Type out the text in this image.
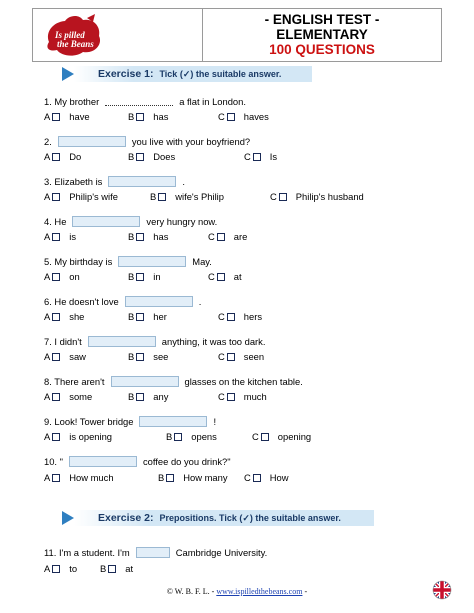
Is pilled
the Beans
- ENGLISH TEST -
ELEMENTARY
100 QUESTIONS
Exercise 1: Tick (✓) the suitable answer.
1. My brother	a flat in London.
A have	B has	C haves
2.	you live with your boyfriend?
A Do	B Does	C Is
3. Elizabeth is	.
A Philip's wife	B wife's Philip	C Philip's husband
4. He	very hungry now.
A is	B has	C are
5. My birthday is	May.
A on	B in	C at
6. He doesn't love	.
A she	B her	C hers
7. I didn't	anything, it was too dark.
A saw	B see	C seen
8. There aren't	glasses on the kitchen table.
A some	B any	C much
9. Look! Tower bridge	!
A is opening	B opens	C opening
10. "	coffee do you drink?"
A How much	B How many C How
Exercise 2: Prepositions. Tick (✓) the suitable answer.
11. I'm a student. I'm	Cambridge University.
A to B at
© W. B. F. L. - www.ispilledthebeans.com -
